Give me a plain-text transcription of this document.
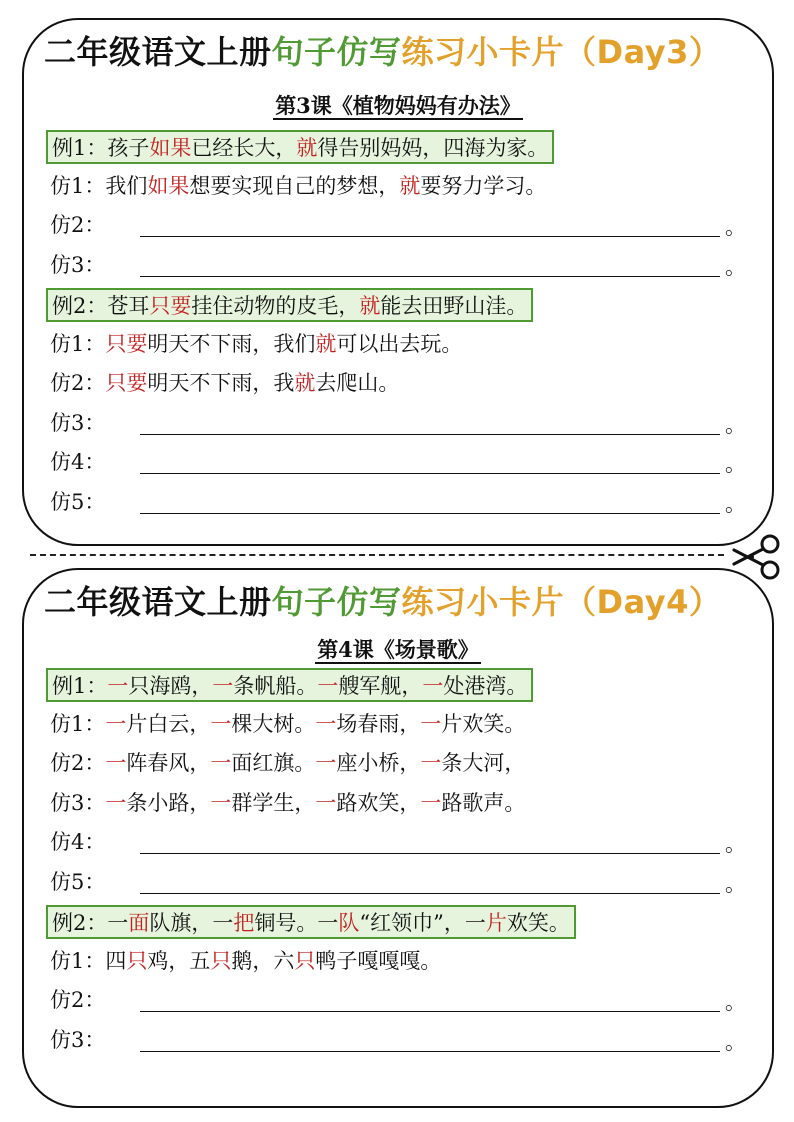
二年级语文上册句子仿写练习小卡片（Day3）
第3课《植物妈妈有办法》
例1：孩子如果已经长大，就得告别妈妈，四海为家。
仿1：我们如果想要实现自己的梦想，就要努力学习。
仿2：	。
仿3：	。
例2：苍耳只要挂住动物的皮毛，就能去田野山洼。
仿1：只要明天不下雨，我们就可以出去玩。
仿2：只要明天不下雨，我就去爬山。
仿3：	。
仿4：	。
仿5：	。
二年级语文上册句子仿写练习小卡片（Day4）
第4课《场景歌》
例1：一只海鸥，一条帆船。一艘军舰，一处港湾。
仿1：一片白云，一棵大树。一场春雨，一片欢笑。
仿2：一阵春风，一面红旗。一座小桥，一条大河，
仿3：一条小路，一群学生，一路欢笑，一路歌声。
仿4：	。
仿5：	。
例2：一面队旗，一把铜号。一队“红领巾”，一片欢笑。
仿1：四只鸡，五只鹅，六只鸭子嘎嘎嘎。
仿2：	。
仿3：	。
